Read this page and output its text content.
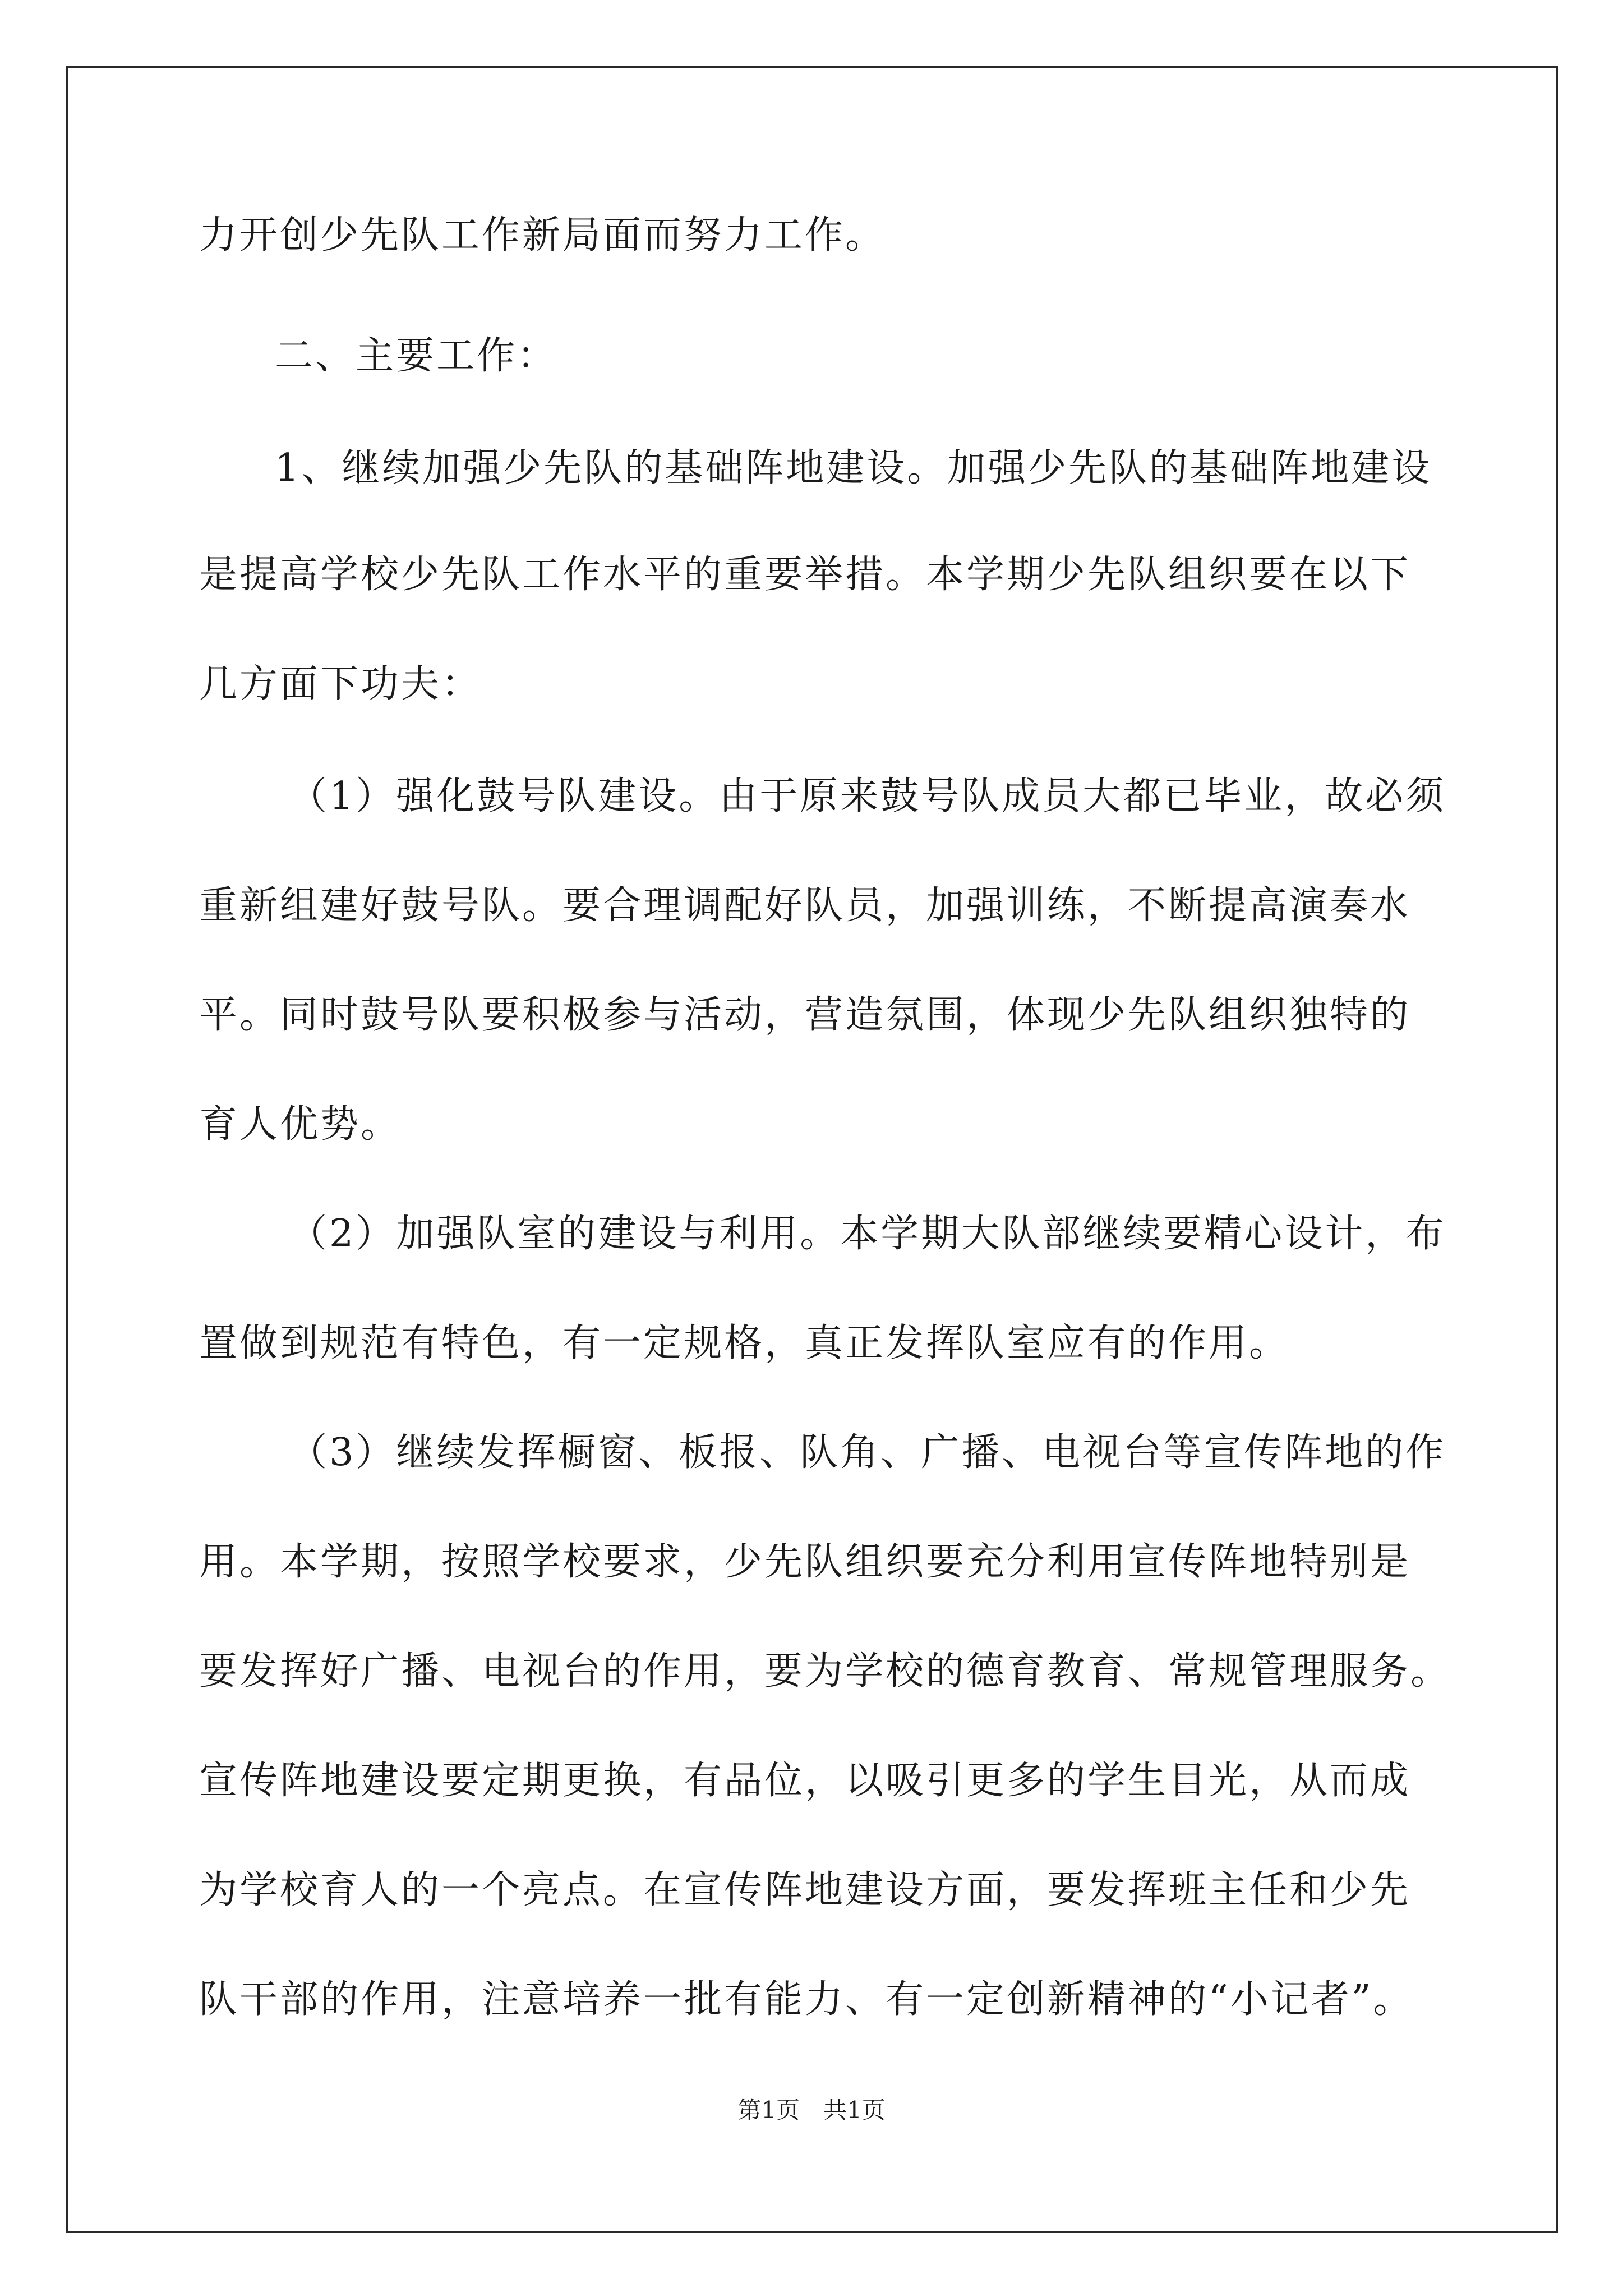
力开创少先队工作新局面而努力工作。
二、主要工作：
1、继续加强少先队的基础阵地建设。加强少先队的基础阵地建设
是提高学校少先队工作水平的重要举措。本学期少先队组织要在以下
几方面下功夫：
（1）强化鼓号队建设。由于原来鼓号队成员大都已毕业，故必须
重新组建好鼓号队。要合理调配好队员，加强训练，不断提高演奏水
平。同时鼓号队要积极参与活动，营造氛围，体现少先队组织独特的
育人优势。
（2）加强队室的建设与利用。本学期大队部继续要精心设计，布
置做到规范有特色，有一定规格，真正发挥队室应有的作用。
（3）继续发挥橱窗、板报、队角、广播、电视台等宣传阵地的作
用。本学期，按照学校要求，少先队组织要充分利用宣传阵地特别是
要发挥好广播、电视台的作用，要为学校的德育教育、常规管理服务。
宣传阵地建设要定期更换，有品位，以吸引更多的学生目光，从而成
为学校育人的一个亮点。在宣传阵地建设方面，要发挥班主任和少先
队干部的作用，注意培养一批有能力、有一定创新精神的“小记者”。
第1页　共1页
